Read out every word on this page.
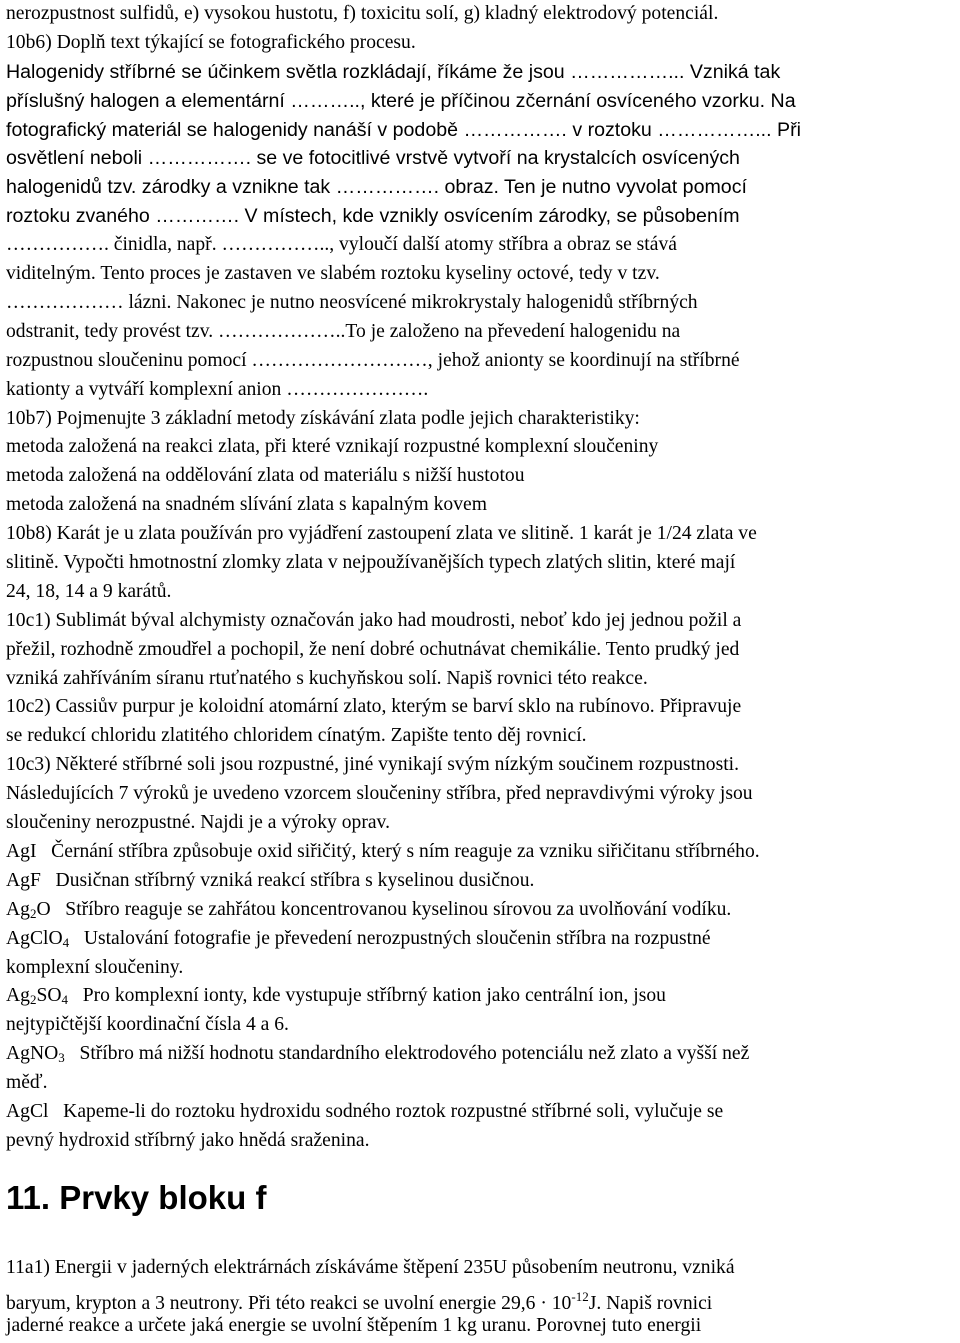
nerozpustnost sulfidů, e) vysokou hustotu, f) toxicitu solí, g) kladný elektrodový potenciál.
10b6) Doplň text týkající se fotografického procesu.
Halogenidy stříbrné se účinkem světla rozkládají, říkáme že jsou ……………... Vzniká tak
příslušný halogen a elementární ……….., které je příčinou zčernání osvíceného vzorku. Na
fotografický materiál se halogenidy nanáší v podobě ……………. v roztoku ……………... Při
osvětlení neboli ……………. se ve fotocitlivé vrstvě vytvoří na krystalcích osvícených
halogenidů tzv. zárodky a vznikne tak ……………. obraz. Ten je nutno vyvolat pomocí
roztoku zvaného …………. V místech, kde vznikly osvícením zárodky, se působením
……………. činidla, např. …………….., vyloučí další atomy stříbra a obraz se stává
viditelným. Tento proces je zastaven ve slabém roztoku kyseliny octové, tedy v tzv.
……………… lázni. Nakonec je nutno neosvícené mikrokrystaly halogenidů stříbrných
odstranit, tedy provést tzv. ………………..To je založeno na převedení halogenidu na
rozpustnou sloučeninu pomocí ………………………, jehož anionty se koordinují na stříbrné
kationty a vytváří komplexní anion ………………….
10b7) Pojmenujte 3 základní metody získávání zlata podle jejich charakteristiky:
metoda založená na reakci zlata, při které vznikají rozpustné komplexní sloučeniny
metoda založená na oddělování zlata od materiálu s nižší hustotou
metoda založená na snadném slívání zlata s kapalným kovem
10b8) Karát je u zlata používán pro vyjádření zastoupení zlata ve slitině. 1 karát je 1/24 zlata ve
slitině. Vypočti hmotnostní zlomky zlata v nejpoužívanějších typech zlatých slitin, které mají
24, 18, 14 a 9 karátů.
10c1) Sublimát býval alchymisty označován jako had moudrosti, neboť kdo jej jednou požil a
přežil, rozhodně zmoudřel a pochopil, že není dobré ochutnávat chemikálie. Tento prudký jed
vzniká zahříváním síranu rtuťnatého s kuchyňskou solí. Napiš rovnici této reakce.
10c2) Cassiův purpur je koloidní atomární zlato, kterým se barví sklo na rubínovo. Připravuje
se redukcí chloridu zlatitého chloridem cínatým. Zapište tento děj rovnicí.
10c3) Některé stříbrné soli jsou rozpustné, jiné vynikají svým nízkým součinem rozpustnosti.
Následujících 7 výroků je uvedeno vzorcem sloučeniny stříbra, před nepravdivými výroky jsou
sloučeniny nerozpustné. Najdi je a výroky oprav.
AgI   Černání stříbra způsobuje oxid siřičitý, který s ním reaguje za vzniku siřičitanu stříbrného.
AgF   Dusičnan stříbrný vzniká reakcí stříbra s kyselinou dusičnou.
$Ag_2O$   Stříbro reaguje se zahřátou koncentrovanou kyselinou sírovou za uvolňování vodíku.
AgClO$_4$   Ustalování fotografie je převedení nerozpustných sloučenin stříbra na rozpustné
komplexní sloučeniny.
$Ag_2SO_4$   Pro komplexní ionty, kde vystupuje stříbrný kation jako centrální ion, jsou
nejtypičtější koordinační čísla 4 a 6.
AgNO$_3$   Stříbro má nižší hodnotu standardního elektrodového potenciálu než zlato a vyšší než
měď.
AgCl   Kapeme-li do roztoku hydroxidu sodného roztok rozpustné stříbrné soli, vylučuje se
pevný hydroxid stříbrný jako hnědá sraženina.
11. Prvky bloku f
11a1) Energii v jaderných elektrárnách získáváme štěpení 235U působením neutronu, vzniká
baryum, krypton a 3 neutrony. Při této reakci se uvolní energie $29,6 \cdot 10^{-12}J$. Napiš rovnici
jaderné reakce a určete jaká energie se uvolní štěpením 1 kg uranu. Porovnej tuto energii
